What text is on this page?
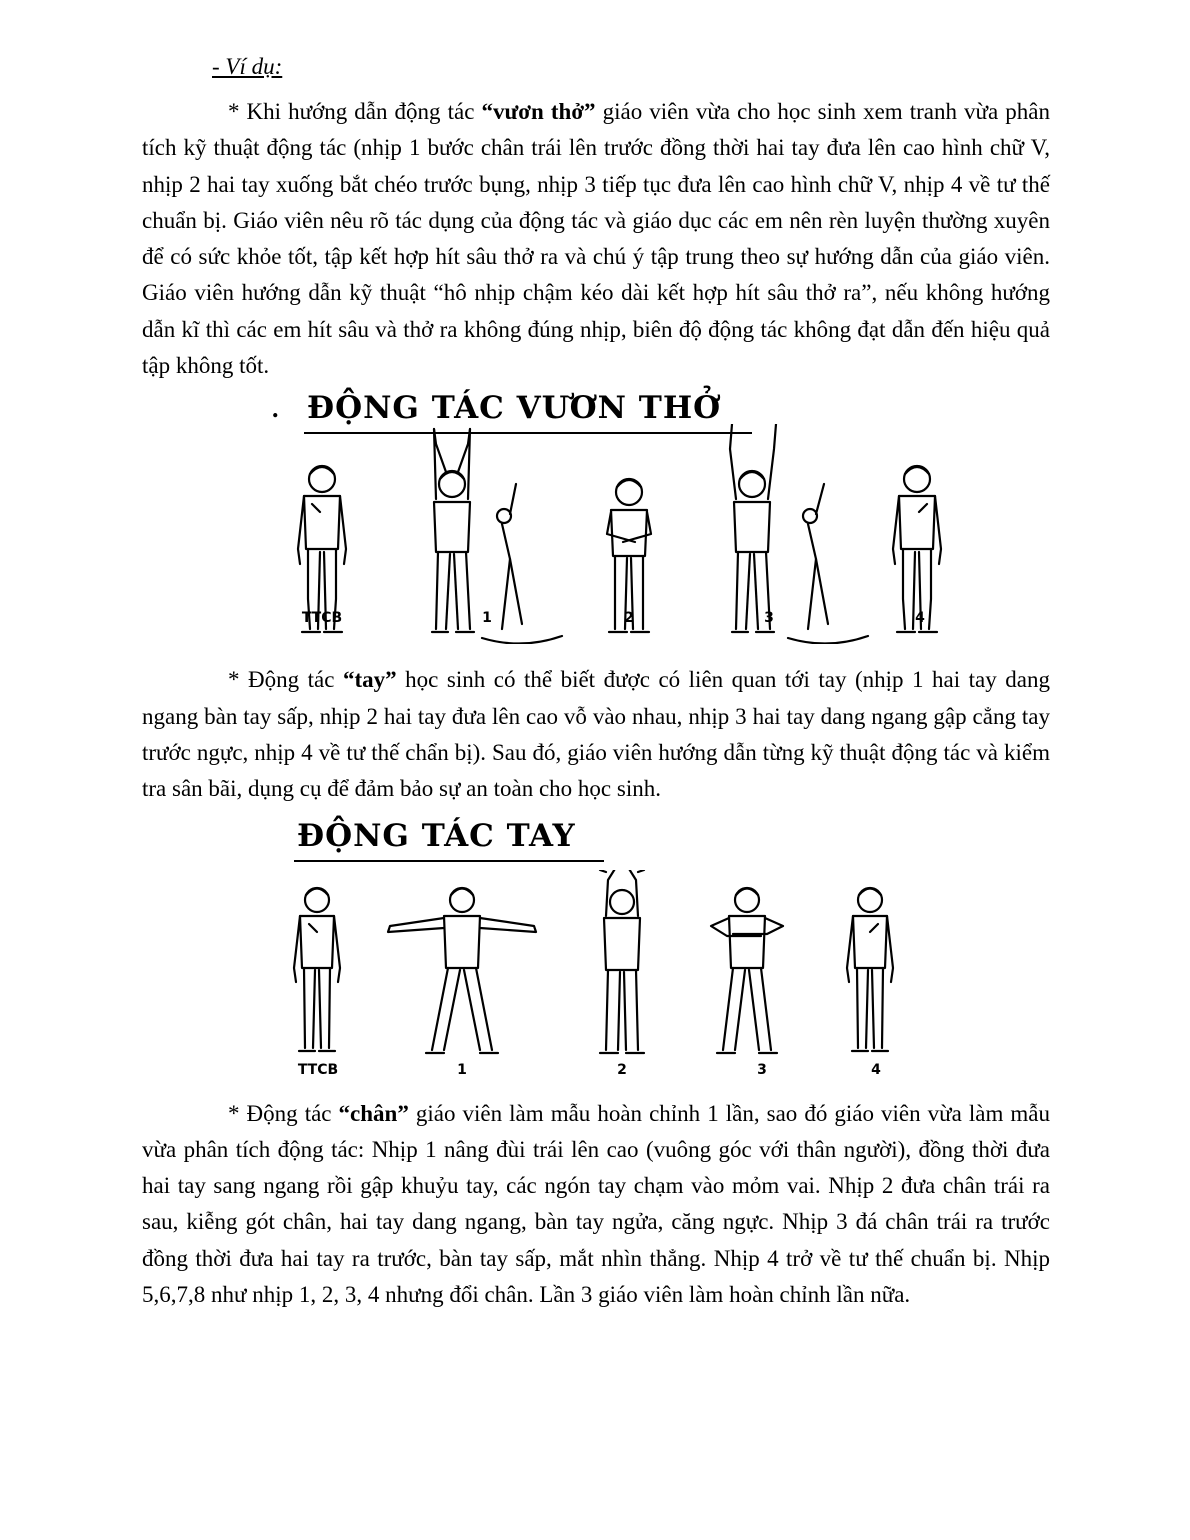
- Ví dụ:

* Khi hướng dẫn động tác “vươn thở” giáo viên vừa cho học sinh xem tranh vừa phân tích kỹ thuật động tác (nhịp 1 bước chân trái lên trước đồng thời hai tay đưa lên cao hình chữ V, nhịp 2 hai tay xuống bắt chéo trước bụng, nhịp 3 tiếp tục đưa lên cao hình chữ V, nhịp 4 về tư thế chuẩn bị. Giáo viên nêu rõ tác dụng của động tác và giáo dục các em nên rèn luyện thường xuyên để có sức khỏe tốt, tập kết hợp hít sâu thở ra và chú ý tập trung theo sự hướng dẫn của giáo viên. Giáo viên hướng dẫn kỹ thuật “hô nhịp chậm kéo dài kết hợp hít sâu thở ra”, nếu không hướng dẫn kĩ thì các em hít sâu và thở ra không đúng nhịp, biên độ động tác không đạt dẫn đến hiệu quả tập không tốt.

. ĐỘNG TÁC VƯƠN THỞ
TTCB	1	2	3	4

* Động tác “tay” học sinh có thể biết được có liên quan tới tay (nhịp 1 hai tay dang ngang bàn tay sấp, nhịp 2 hai tay đưa lên cao vỗ vào nhau, nhịp 3 hai tay dang ngang gập cẳng tay trước ngực, nhịp 4 về tư thế chẩn bị). Sau đó, giáo viên hướng dẫn từng kỹ thuật động tác và kiểm tra sân bãi, dụng cụ để đảm bảo sự an toàn cho học sinh.

ĐỘNG TÁC TAY
TTCB	1	2	3	4

* Động tác “chân” giáo viên làm mẫu hoàn chỉnh 1 lần, sao đó giáo viên vừa làm mẫu vừa phân tích động tác: Nhịp 1 nâng đùi trái lên cao (vuông góc với thân người), đồng thời đưa hai tay sang ngang rồi gập khuỷu tay, các ngón tay chạm vào mỏm vai. Nhịp 2 đưa chân trái ra sau, kiễng gót chân, hai tay dang ngang, bàn tay ngửa, căng ngực. Nhịp 3 đá chân trái ra trước đồng thời đưa hai tay ra trước, bàn tay sấp, mắt nhìn thẳng. Nhịp 4 trở về tư thế chuẩn bị. Nhịp 5,6,7,8 như nhịp 1, 2, 3, 4 nhưng đổi chân. Lần 3 giáo viên làm hoàn chỉnh lần nữa.
